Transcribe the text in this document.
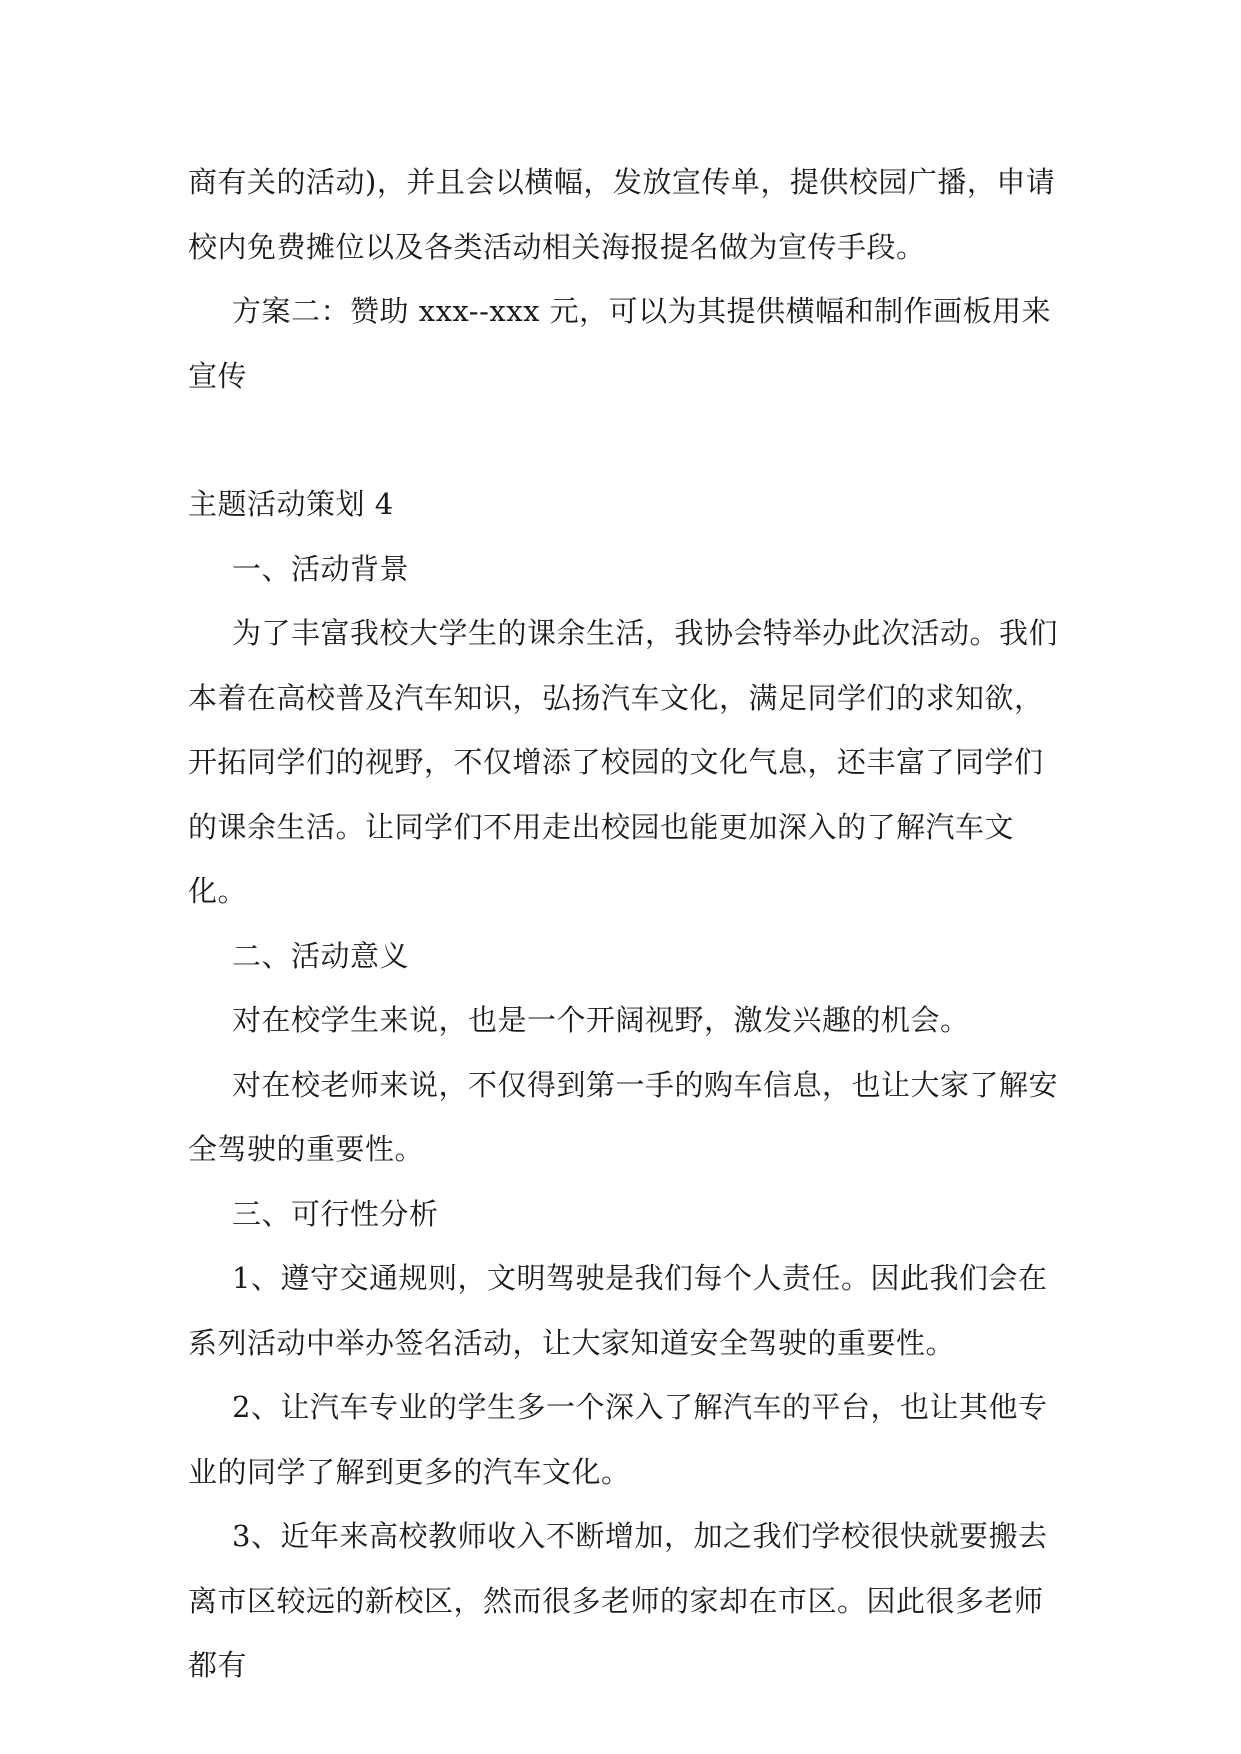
商有关的活动)，并且会以横幅，发放宣传单，提供校园广播，申请校内免费摊位以及各类活动相关海报提名做为宣传手段。

方案二：赞助 xxx--xxx 元，可以为其提供横幅和制作画板用来宣传

主题活动策划 4

一、活动背景

为了丰富我校大学生的课余生活，我协会特举办此次活动。我们本着在高校普及汽车知识，弘扬汽车文化，满足同学们的求知欲，开拓同学们的视野，不仅增添了校园的文化气息，还丰富了同学们的课余生活。让同学们不用走出校园也能更加深入的了解汽车文化。

二、活动意义

对在校学生来说，也是一个开阔视野，激发兴趣的机会。

对在校老师来说，不仅得到第一手的购车信息，也让大家了解安全驾驶的重要性。

三、可行性分析

1、遵守交通规则，文明驾驶是我们每个人责任。因此我们会在系列活动中举办签名活动，让大家知道安全驾驶的重要性。

2、让汽车专业的学生多一个深入了解汽车的平台，也让其他专业的同学了解到更多的汽车文化。

3、近年来高校教师收入不断增加，加之我们学校很快就要搬去离市区较远的新校区，然而很多老师的家却在市区。因此很多老师都有
